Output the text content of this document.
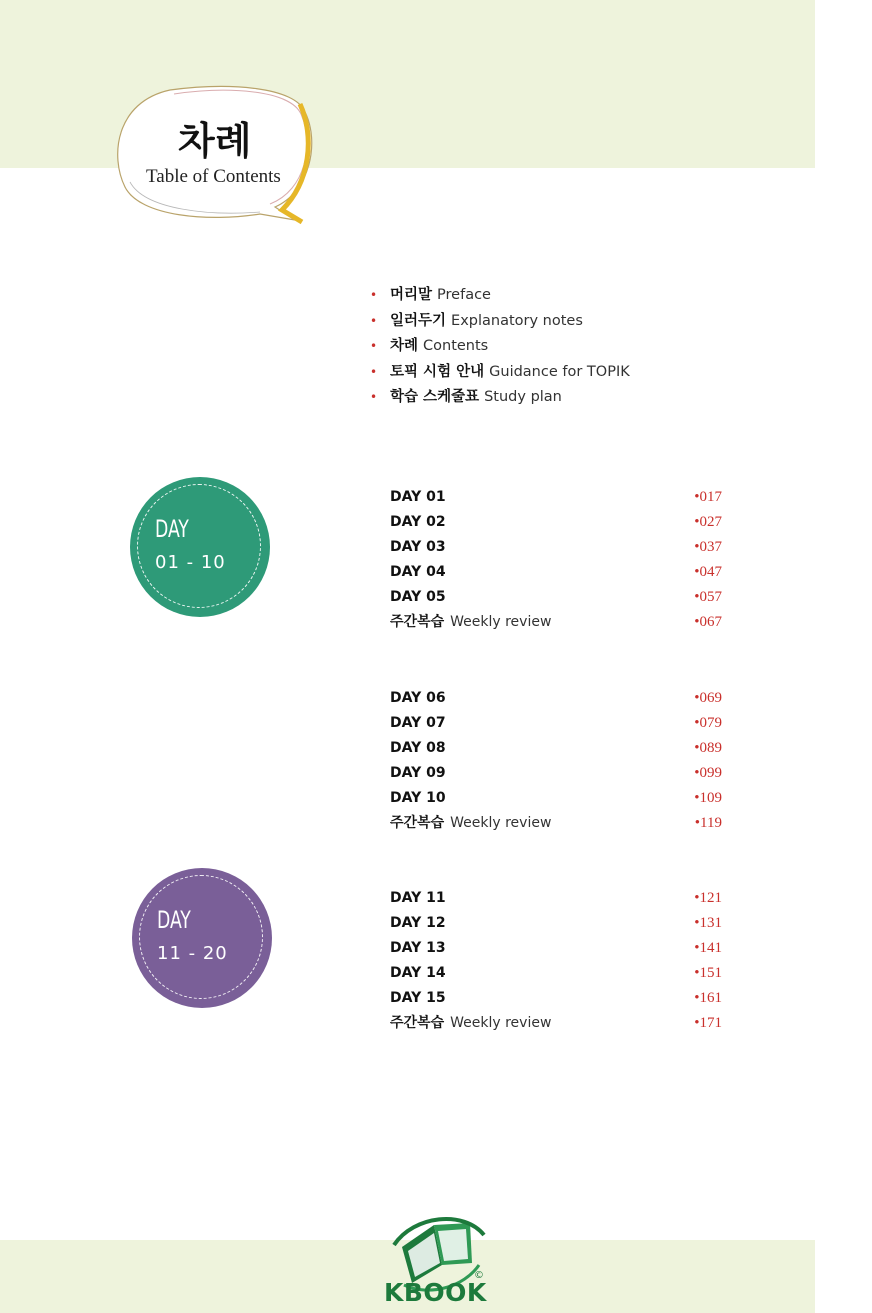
차례
Table of Contents
• 머리말 Preface
• 일러두기 Explanatory notes
• 차례 Contents
• 토픽 시험 안내 Guidance for TOPIK
• 학습 스케줄표 Study plan
DAY
01 - 10
DAY
11 - 20
DAY 01	•017
DAY 02	•027
DAY 03	•037
DAY 04	•047
DAY 05	•057
주간복습 Weekly review	•067
DAY 06	•069
DAY 07	•079
DAY 08	•089
DAY 09	•099
DAY 10	•109
주간복습 Weekly review	•119
DAY 11	•121
DAY 12	•131
DAY 13	•141
DAY 14	•151
DAY 15	•161
주간복습 Weekly review	•171
KBOOK
©
